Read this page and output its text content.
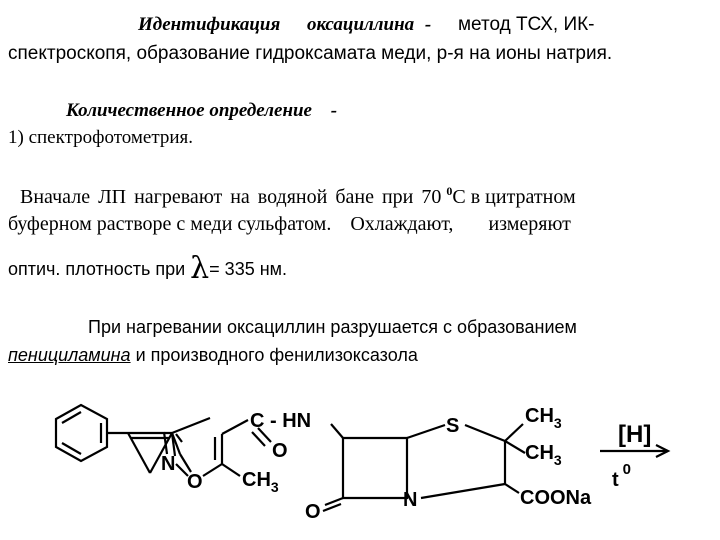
Идентификация оксациллина - метод ТСХ, ИК-
спектроскопя, образование гидроксамата меди, р-я на ионы натрия.
Количественное определение -
1) спектрофотометрия.
Вначале ЛП нагревают на водяной бане при 70 $^0$С в цитратном
буферном растворе с меди сульфатом. Охлаждают, измеряют
оптич. плотность при λ= 335 нм.
При нагревании оксациллин разрушается с образованием
пенициламина и производного фенилизоксазола
C - HN
O
N
O $CH_3$
S	$CH_3$
$CH_3$
N
O
COONa
[H]
t $^0$
